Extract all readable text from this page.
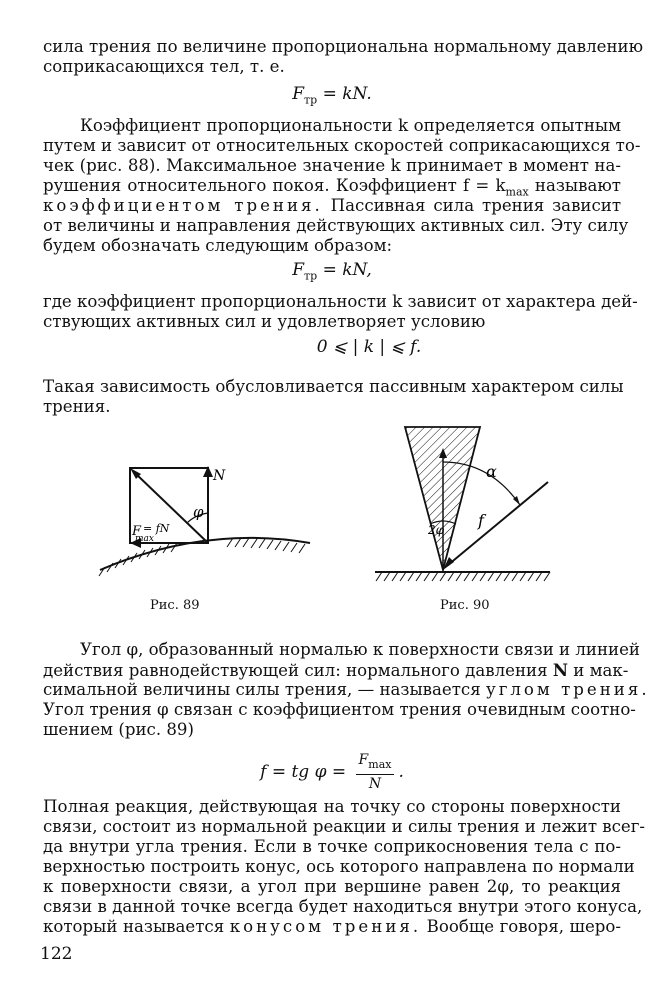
сила трения по величине пропорциональна нормальному давлению
соприкасающихся тел, т. е.
$F_{тр}$ = kN.
Коэффициент пропорциональности k определяется опытным
путем и зависит от относительных скоростей соприкасающихся то-
чек (рис. 88). Максимальное значение k принимает в момент на-
рушения относительного покоя. Коэффициент $f = k_{max}$ называют
коэффициентом трения. Пассивная сила трения зависит
от величины и направления действующих активных сил. Эту силу
будем обозначать следующим образом:
$F_{тр}$ = kN,
где коэффициент пропорциональности k зависит от характера дей-
ствующих активных сил и удовлетворяет условию
0 ⩽ | k | ⩽ f.
Такая зависимость обусловливается пассивным характером силы
трения.
N
φ
F
max
= fN
Рис. 89
α
2φ f
Рис. 90
Угол φ, образованный нормалью к поверхности связи и линией
действия равнодействующей сил: нормального давления N и мак-
симальной величины силы трения, — называется углом трения.
Угол трения φ связан с коэффициентом трения очевидным соотно-
шением (рис. 89)
f = tg $\varphi = \frac{F_{max}}{N}$ .
Полная реакция, действующая на точку со стороны поверхности
связи, состоит из нормальной реакции и силы трения и лежит всег-
да внутри угла трения. Если в точке соприкосновения тела с по-
верхностью построить конус, ось которого направлена по нормали
к поверхности связи, а угол при вершине равен 2φ, то реакция
связи в данной точке всегда будет находиться внутри этого конуса,
который называется конусом трения. Вообще говоря, шеро-
122
